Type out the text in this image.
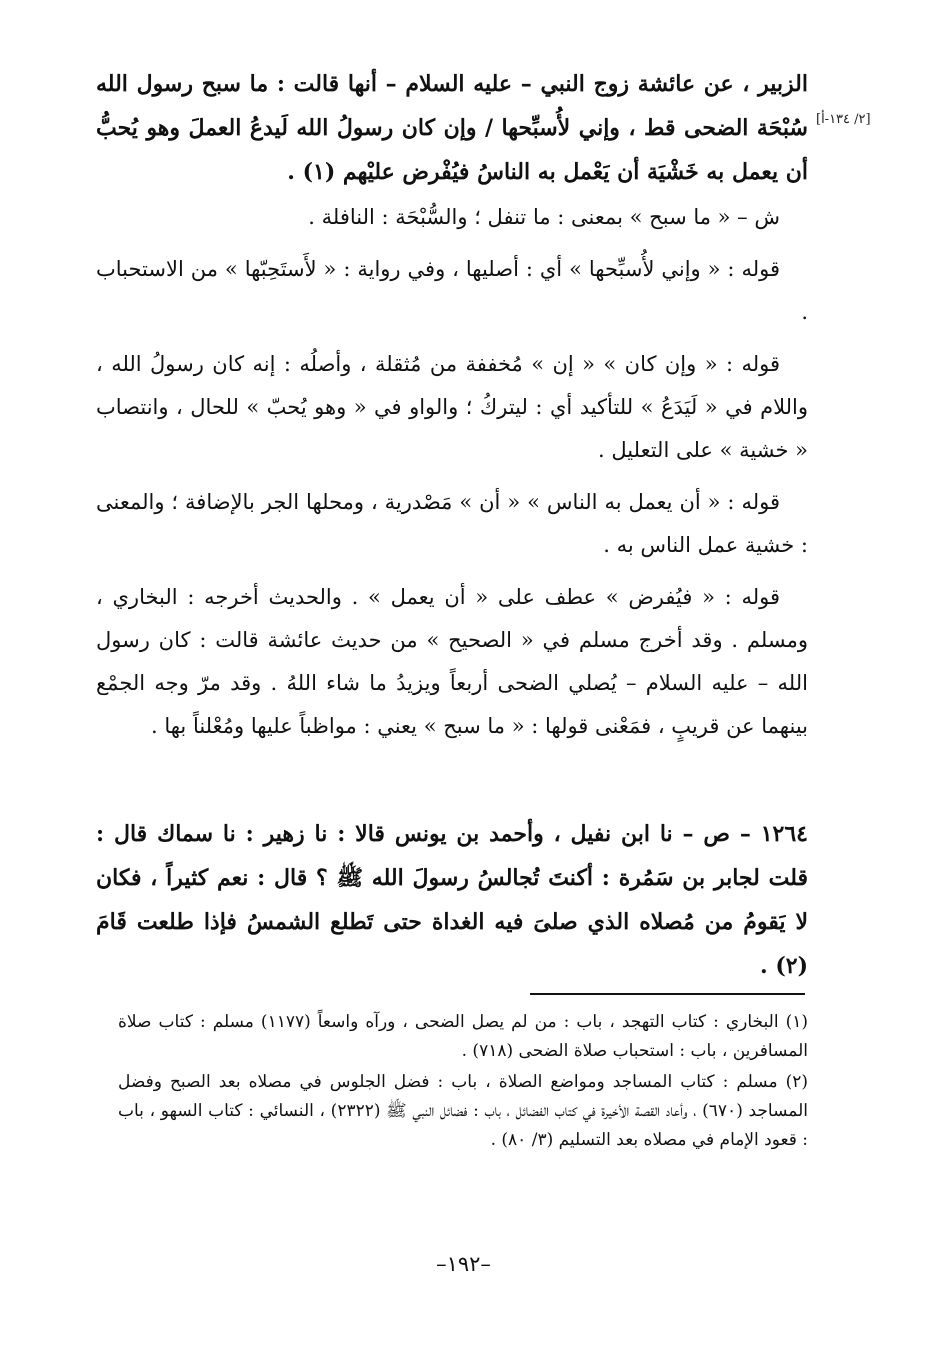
الزبير ، عن عائشة زوج النبي – عليه السلام – أنها قالت : ما سبح رسول الله سُبْحَة الضحى قط ، وإني لأُسبِّحها / وإن كان رسولُ الله لَيدعُ العملَ وهو يُحبُّ أن يعمل به خَشْيَة أن يَعْمل به الناسُ فيُفْرض عليْهم (١) .
[٢/ ١٣٤-أ]

ش – « ما سبح » بمعنى : ما تنفل ؛ والسُّبْحَة : النافلة .

قوله : « وإني لأُسبِّحها » أي : أصليها ، وفي رواية : « لأَستَحِبّها » من الاستحباب .

قوله : « وإن كان » « إن » مُخففة من مُثقلة ، وأصلُه : إنه كان رسولُ الله ، واللام في « لَيَدَعُ » للتأكيد أي : ليتركُ ؛ والواو في « وهو يُحبّ » للحال ، وانتصاب « خشية » على التعليل .

قوله : « أن يعمل به الناس » « أن » مَصْدرية ، ومحلها الجر بالإضافة ؛ والمعنى : خشية عمل الناس به .

قوله : « فيُفرض » عطف على « أن يعمل » . والحديث أخرجه : البخاري ، ومسلم . وقد أخرج مسلم في « الصحيح » من حديث عائشة قالت : كان رسول الله – عليه السلام – يُصلي الضحى أربعاً ويزيدُ ما شاء اللهُ . وقد مرّ وجه الجمْع بينهما عن قريبٍ ، فمَعْنى قولها : « ما سبح » يعني : مواظباً عليها ومُعْلناً بها .

١٢٦٤ – ص – نا ابن نفيل ، وأحمد بن يونس قالا : نا زهير : نا سماك قال : قلت لجابر بن سَمُرة : أكنتَ تُجالسُ رسولَ الله ﷺ ؟ قال : نعم كثيراً ، فكان لا يَقومُ من مُصلاه الذي صلىَ فيه الغداة حتى تَطلع الشمسُ فإذا طلعت قَامَ (٢) .

(١) البخاري : كتاب التهجد ، باب : من لم يصل الضحى ، ورآه واسعاً (١١٧٧) مسلم : كتاب صلاة المسافرين ، باب : استحباب صلاة الضحى (٧١٨) .

(٢) مسلم : كتاب المساجد ومواضع الصلاة ، باب : فضل الجلوس في مصلاه بعد الصبح وفضل المساجد (٦٧٠) ، وأعاد القصة الأخيرة في كتاب الفضائل ، باب : فضائل النبي ﷺ (٢٣٢٢) ، النسائي : كتاب السهو ، باب : قعود الإمام في مصلاه بعد التسليم (٣/ ٨٠) .

–١٩٢–
